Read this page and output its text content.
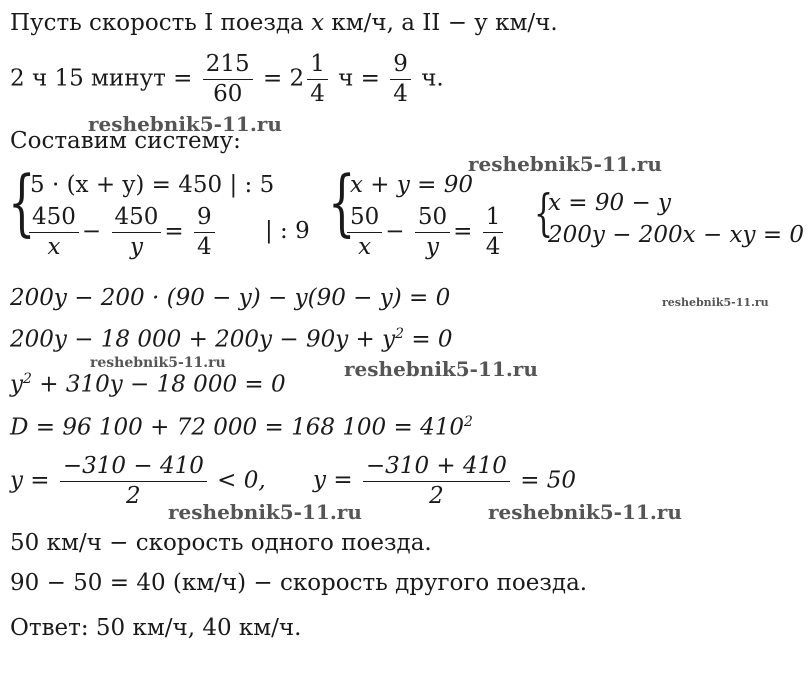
Пусть скорость I поезда x км/ч, а II − у км/ч.
2 ч 15 минут = $\frac{215}{60} = 2 \frac{1}{4}$ $ч = \frac{9}{4} ч$.
Составим систему:
{
5 · (x + y) = 450 | : 5
$\frac{450}{x} - \frac{450}{y} = \frac{9}{4}$ | : 9 {
x + y = 90
$\frac{50}{x} - \frac{50}{y} = \frac{1}{4}$ {
x = 90 − y
200y − 200x − xy = 0
200y − 200 · (90 − y) − y(90 − y) = 0
200y − 18 $000 + 200y - 90y + y^2 = 0$
$y^2 + 310y - 18$ 000 = 0
D = 96 100 + 72 000 = 168 $100 = 410^2$
$y = \frac{-310 - 410}{2} < 0$, $y = \frac{-310 + 410}{2} = 50$
50 км/ч − скорость одного поезда.
90 − 50 = 40 (км/ч) − скорость другого поезда.
Ответ: 50 км/ч, 40 км/ч.
reshebnik5-11.ru
reshebnik5-11.ru
reshebnik5-11.ru
reshebnik5-11.ru	reshebnik5-11.ru
reshebnik5-11.ru	reshebnik5-11.ru
